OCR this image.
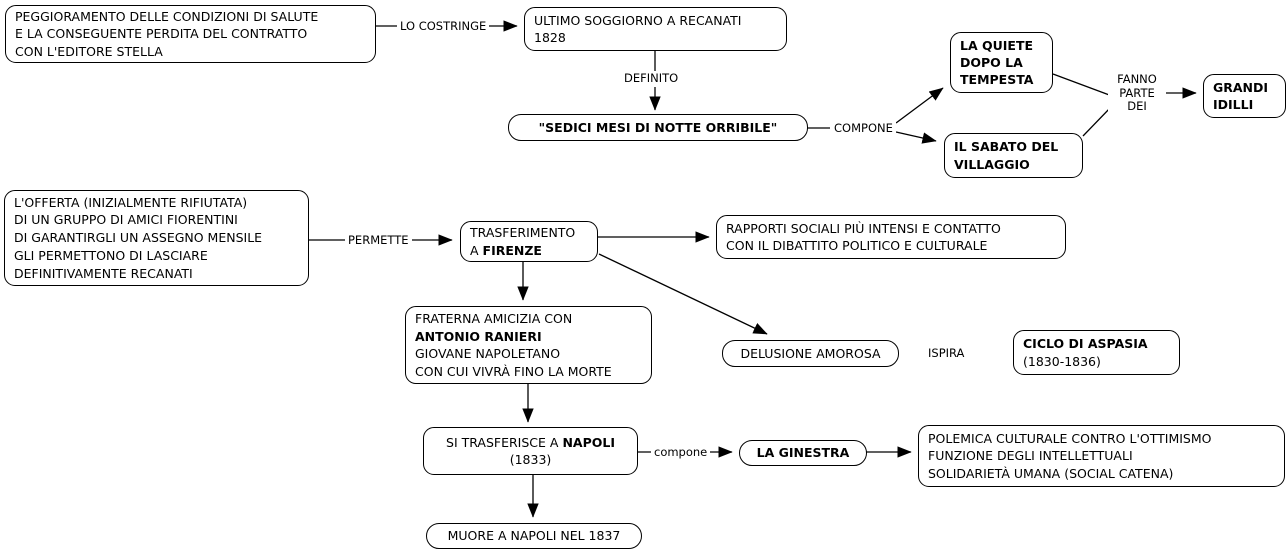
PEGGIORAMENTO DELLE CONDIZIONI DI SALUTE
E LA CONSEGUENTE PERDITA DEL CONTRATTO
CON L'EDITORE STELLA
ULTIMO SOGGIORNO A RECANATI
1828
"SEDICI MESI DI NOTTE ORRIBILE"
LA QUIETE
DOPO LA
TEMPESTA
IL SABATO DEL
VILLAGGIO
GRANDI
IDILLI
L'OFFERTA (INIZIALMENTE RIFIUTATA)
DI UN GRUPPO DI AMICI FIORENTINI
DI GARANTIRGLI UN ASSEGNO MENSILE
GLI PERMETTONO DI LASCIARE
DEFINITIVAMENTE RECANATI
TRASFERIMENTO
A FIRENZE
RAPPORTI SOCIALI PIÙ INTENSI E CONTATTO
CON IL DIBATTITO POLITICO E CULTURALE
FRATERNA AMICIZIA CON
ANTONIO RANIERI
GIOVANE NAPOLETANO
CON CUI VIVRÀ FINO LA MORTE
DELUSIONE AMOROSA
CICLO DI ASPASIA
(1830-1836)
SI TRASFERISCE A NAPOLI
(1833)	LA GINESTRA
POLEMICA CULTURALE CONTRO L'OTTIMISMO
FUNZIONE DEGLI INTELLETTUALI
SOLIDARIETÀ UMANA (SOCIAL CATENA)
MUORE A NAPOLI NEL 1837
LO COSTRINGE
DEFINITO
COMPONE
FANNO
PARTE
DEI
PERMETTE
ISPIRA
compone
